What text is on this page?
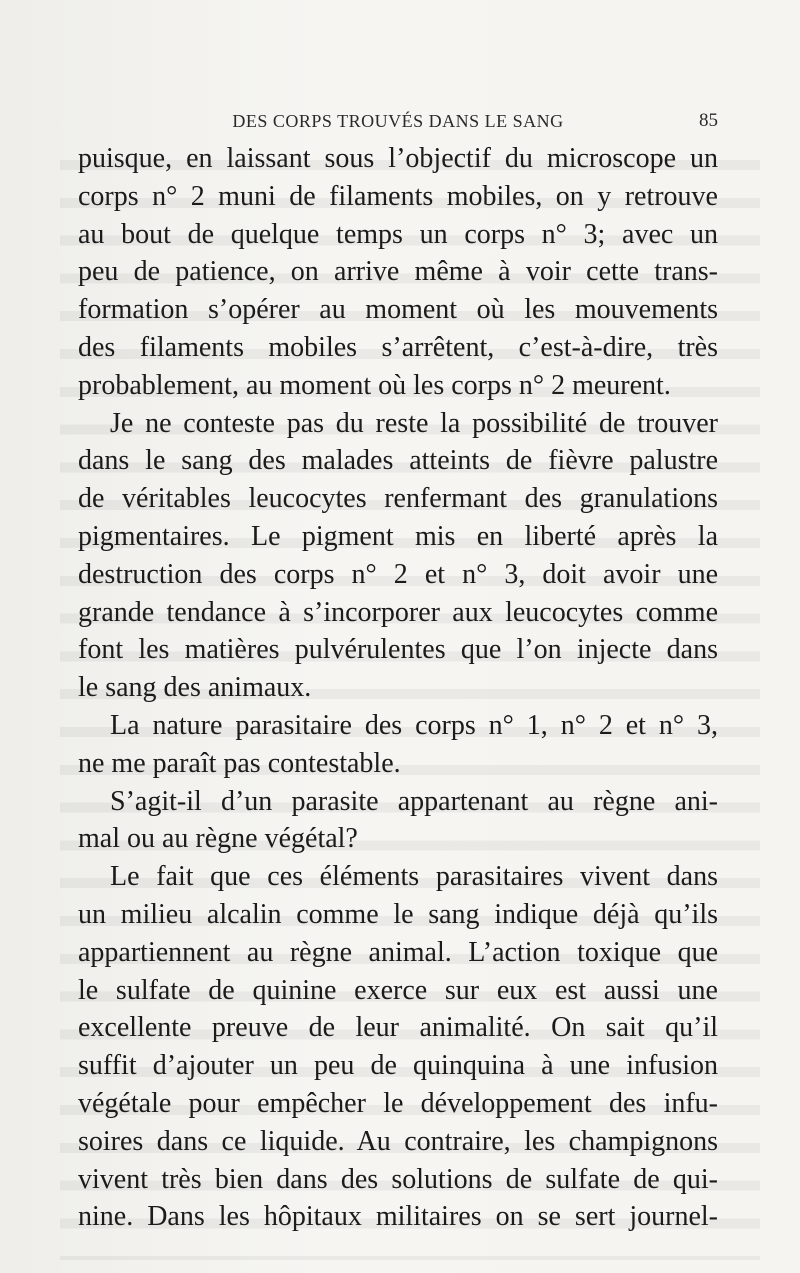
DES CORPS TROUVÉS DANS LE SANG	85
puisque, en laissant sous l’objectif du microscope un
corps n° 2 muni de filaments mobiles, on y retrouve
au bout de quelque temps un corps n° 3; avec un
peu de patience, on arrive même à voir cette trans-
formation s’opérer au moment où les mouvements
des filaments mobiles s’arrêtent, c’est-à-dire, très
probablement, au moment où les corps n° 2 meurent.
Je ne conteste pas du reste la possibilité de trouver
dans le sang des malades atteints de fièvre palustre
de véritables leucocytes renfermant des granulations
pigmentaires. Le pigment mis en liberté après la
destruction des corps n° 2 et n° 3, doit avoir une
grande tendance à s’incorporer aux leucocytes comme
font les matières pulvérulentes que l’on injecte dans
le sang des animaux.
La nature parasitaire des corps n° 1, n° 2 et n° 3,
ne me paraît pas contestable.
S’agit-il d’un parasite appartenant au règne ani-
mal ou au règne végétal?
Le fait que ces éléments parasitaires vivent dans
un milieu alcalin comme le sang indique déjà qu’ils
appartiennent au règne animal. L’action toxique que
le sulfate de quinine exerce sur eux est aussi une
excellente preuve de leur animalité. On sait qu’il
suffit d’ajouter un peu de quinquina à une infusion
végétale pour empêcher le développement des infu-
soires dans ce liquide. Au contraire, les champignons
vivent très bien dans des solutions de sulfate de qui-
nine. Dans les hôpitaux militaires on se sert journel-
